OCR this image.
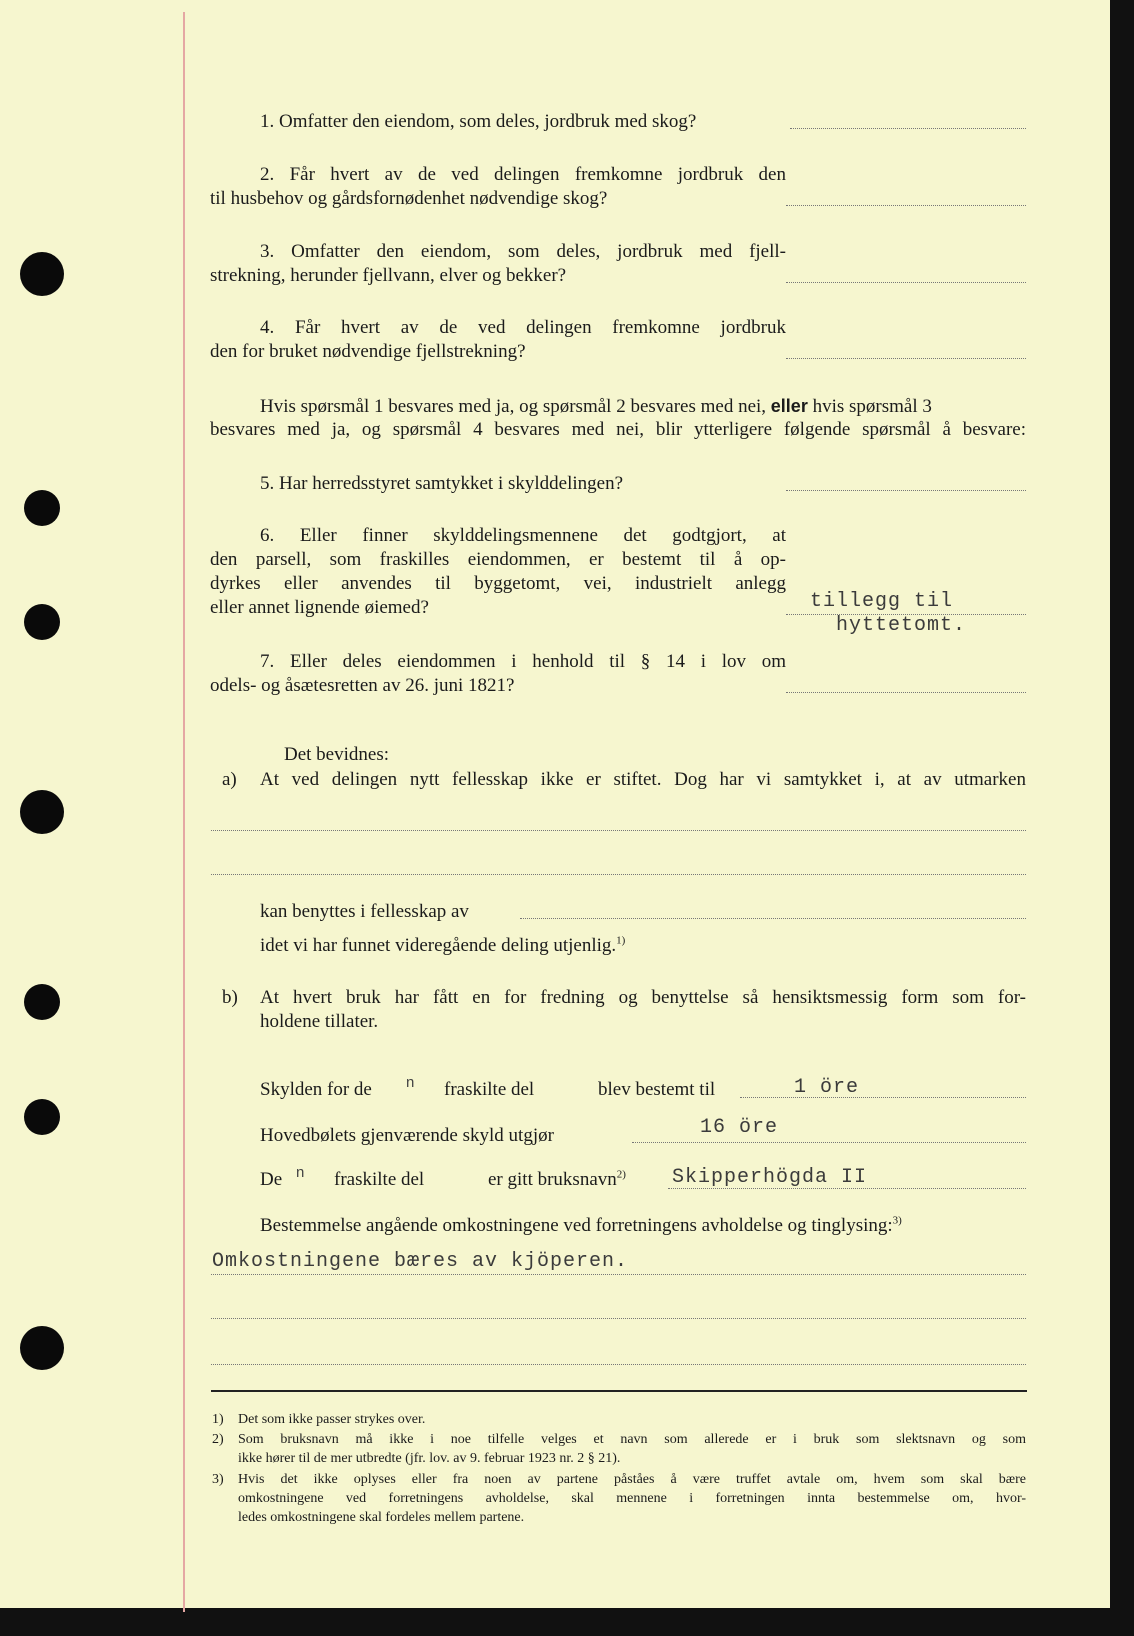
1. Omfatter den eiendom, som deles, jordbruk med skog?
2. Får hvert av de ved delingen fremkomne jordbruk den
til husbehov og gårdsfornødenhet nødvendige skog?
3. Omfatter den eiendom, som deles, jordbruk med fjell-
strekning, herunder fjellvann, elver og bekker?
4. Får hvert av de ved delingen fremkomne jordbruk
den for bruket nødvendige fjellstrekning?
Hvis spørsmål 1 besvares med ja, og spørsmål 2 besvares med nei, eller hvis spørsmål 3
besvares med ja, og spørsmål 4 besvares med nei, blir ytterligere følgende spørsmål å besvare:
5. Har herredsstyret samtykket i skylddelingen?
6. Eller finner skylddelingsmennene det godtgjort, at
den parsell, som fraskilles eiendommen, er bestemt til å op-
dyrkes eller anvendes til byggetomt, vei, industrielt anlegg
eller annet lignende øiemed?	tillegg til
hyttetomt.
7. Eller deles eiendommen i henhold til § 14 i lov om
odels- og åsætesretten av 26. juni 1821?
Det bevidnes:
a) At ved delingen nytt fellesskap ikke er stiftet. Dog har vi samtykket i, at av utmarken
kan benyttes i fellesskap av
idet vi har funnet videregående deling utjenlig.$^{1)}$
b) At hvert bruk har fått en for fredning og benyttelse så hensiktsmessig form som for-
holdene tillater.
Skylden for de n fraskilte del	blev bestemt til	1 öre
Hovedbølets gjenværende skyld utgjør	16 öre
De n fraskilte del	er gitt bruksnavn$^{2)}$ Skipperhögda II
Bestemmelse angående omkostningene ved forretningens avholdelse og tinglysing:$^{3)}$
Omkostningene bæres av kjöperen.
1) Det som ikke passer strykes over.
2) Som bruksnavn må ikke i noe tilfelle velges et navn som allerede er i bruk som slektsnavn og som
ikke hører til de mer utbredte (jfr. lov. av 9. februar 1923 nr. 2 § 21).
3) Hvis det ikke oplyses eller fra noen av partene påståes å være truffet avtale om, hvem som skal bære
omkostningene ved forretningens avholdelse, skal mennene i forretningen innta bestemmelse om, hvor-
ledes omkostningene skal fordeles mellem partene.
